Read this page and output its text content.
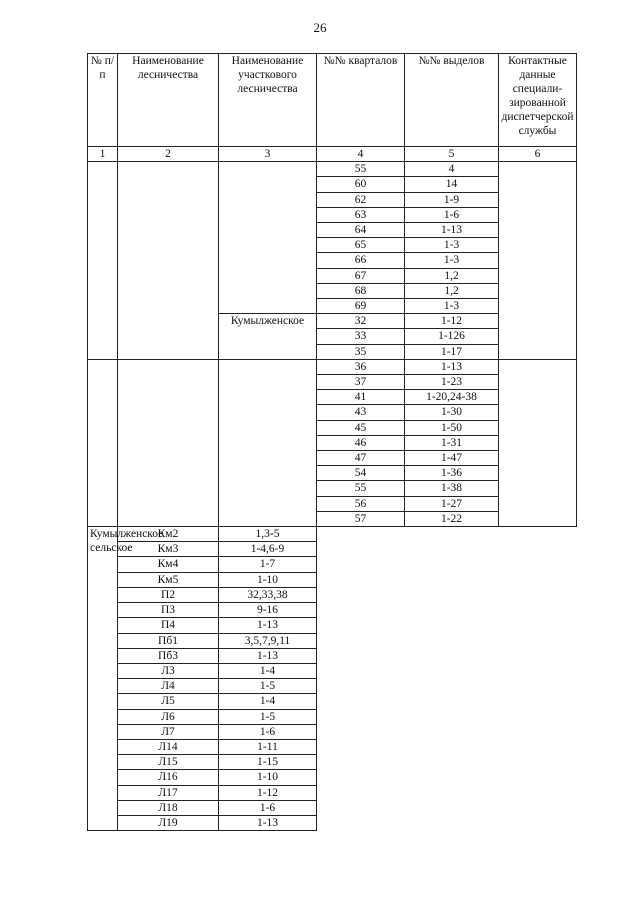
26
№ п/п	Наименование лесничества	Наименование участкового лесничества	№№ кварталов	№№ выделов	Контактные данные специали-зированной диспетчерской службы
1	2	3	4	5	6
			55	4	
			60	14	
			62	1-9	
			63	1-6	
			64	1-13	
			65	1-3	
			66	1-3	
			67	1,2	
			68	1,2	
			69	1-3	
		Кумылженское	32	1-12	
			33	1-126	
			35	1-17	
			36	1-13	
			37	1-23	
			41	1-20,24-38	
			43	1-30	
			45	1-50	
			46	1-31	
			47	1-47	
			54	1-36	
			55	1-38	
			56	1-27	
			57	1-22	
Кумылженское сельское	Км2	1,3-5			
	Км3	1-4,6-9			
	Км4	1-7			
	Км5	1-10			
	П2	32,33,38			
	П3	9-16			
	П4	1-13			
	Пб1	3,5,7,9,11			
	Пб3	1-13			
	Л3	1-4			
	Л4	1-5			
	Л5	1-4			
	Л6	1-5			
	Л7	1-6			
	Л14	1-11			
	Л15	1-15			
	Л16	1-10			
	Л17	1-12			
	Л18	1-6			
	Л19	1-13			
